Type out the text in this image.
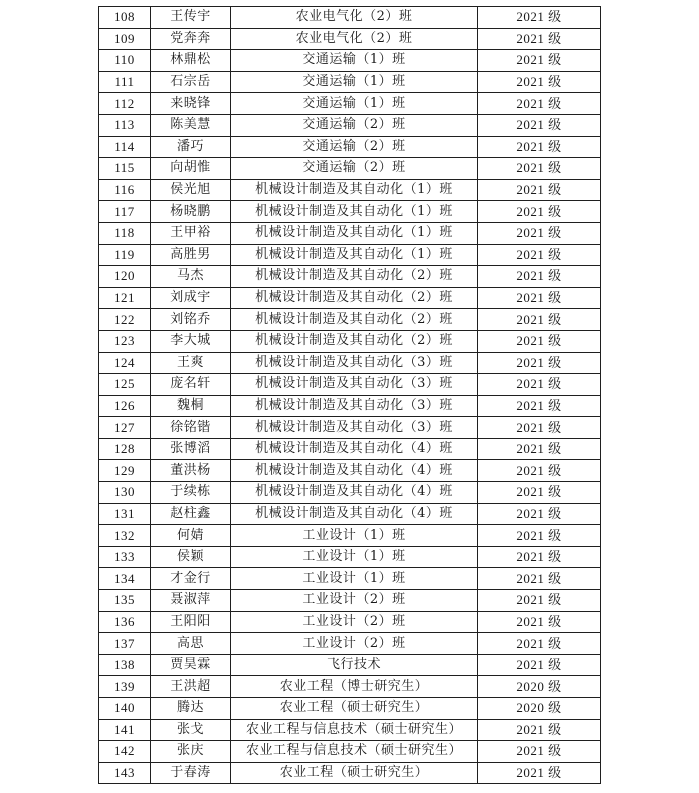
108	王传宇	农业电气化（2）班	2021 级
109	党奔奔	农业电气化（2）班	2021 级
110	林鼎松	交通运输（1）班	2021 级
111	石宗岳	交通运输（1）班	2021 级
112	来晓锋	交通运输（1）班	2021 级
113	陈美慧	交通运输（2）班	2021 级
114	潘巧	交通运输（2）班	2021 级
115	向胡惟	交通运输（2）班	2021 级
116	侯光旭	机械设计制造及其自动化（1）班	2021 级
117	杨晓鹏	机械设计制造及其自动化（1）班	2021 级
118	王甲裕	机械设计制造及其自动化（1）班	2021 级
119	高胜男	机械设计制造及其自动化（1）班	2021 级
120	马杰	机械设计制造及其自动化（2）班	2021 级
121	刘成宇	机械设计制造及其自动化（2）班	2021 级
122	刘铭乔	机械设计制造及其自动化（2）班	2021 级
123	李大城	机械设计制造及其自动化（2）班	2021 级
124	王爽	机械设计制造及其自动化（3）班	2021 级
125	庞名轩	机械设计制造及其自动化（3）班	2021 级
126	魏桐	机械设计制造及其自动化（3）班	2021 级
127	徐铭锴	机械设计制造及其自动化（3）班	2021 级
128	张博滔	机械设计制造及其自动化（4）班	2021 级
129	董洪杨	机械设计制造及其自动化（4）班	2021 级
130	于续栋	机械设计制造及其自动化（4）班	2021 级
131	赵柱鑫	机械设计制造及其自动化（4）班	2021 级
132	何婧	工业设计（1）班	2021 级
133	侯颖	工业设计（1）班	2021 级
134	才金行	工业设计（1）班	2021 级
135	聂淑萍	工业设计（2）班	2021 级
136	王阳阳	工业设计（2）班	2021 级
137	高思	工业设计（2）班	2021 级
138	贾昊霖	飞行技术	2021 级
139	王洪超	农业工程（博士研究生）	2020 级
140	腾达	农业工程（硕士研究生）	2020 级
141	张戈	农业工程与信息技术（硕士研究生）	2021 级
142	张庆	农业工程与信息技术（硕士研究生）	2021 级
143	于春涛	农业工程（硕士研究生）	2021 级
